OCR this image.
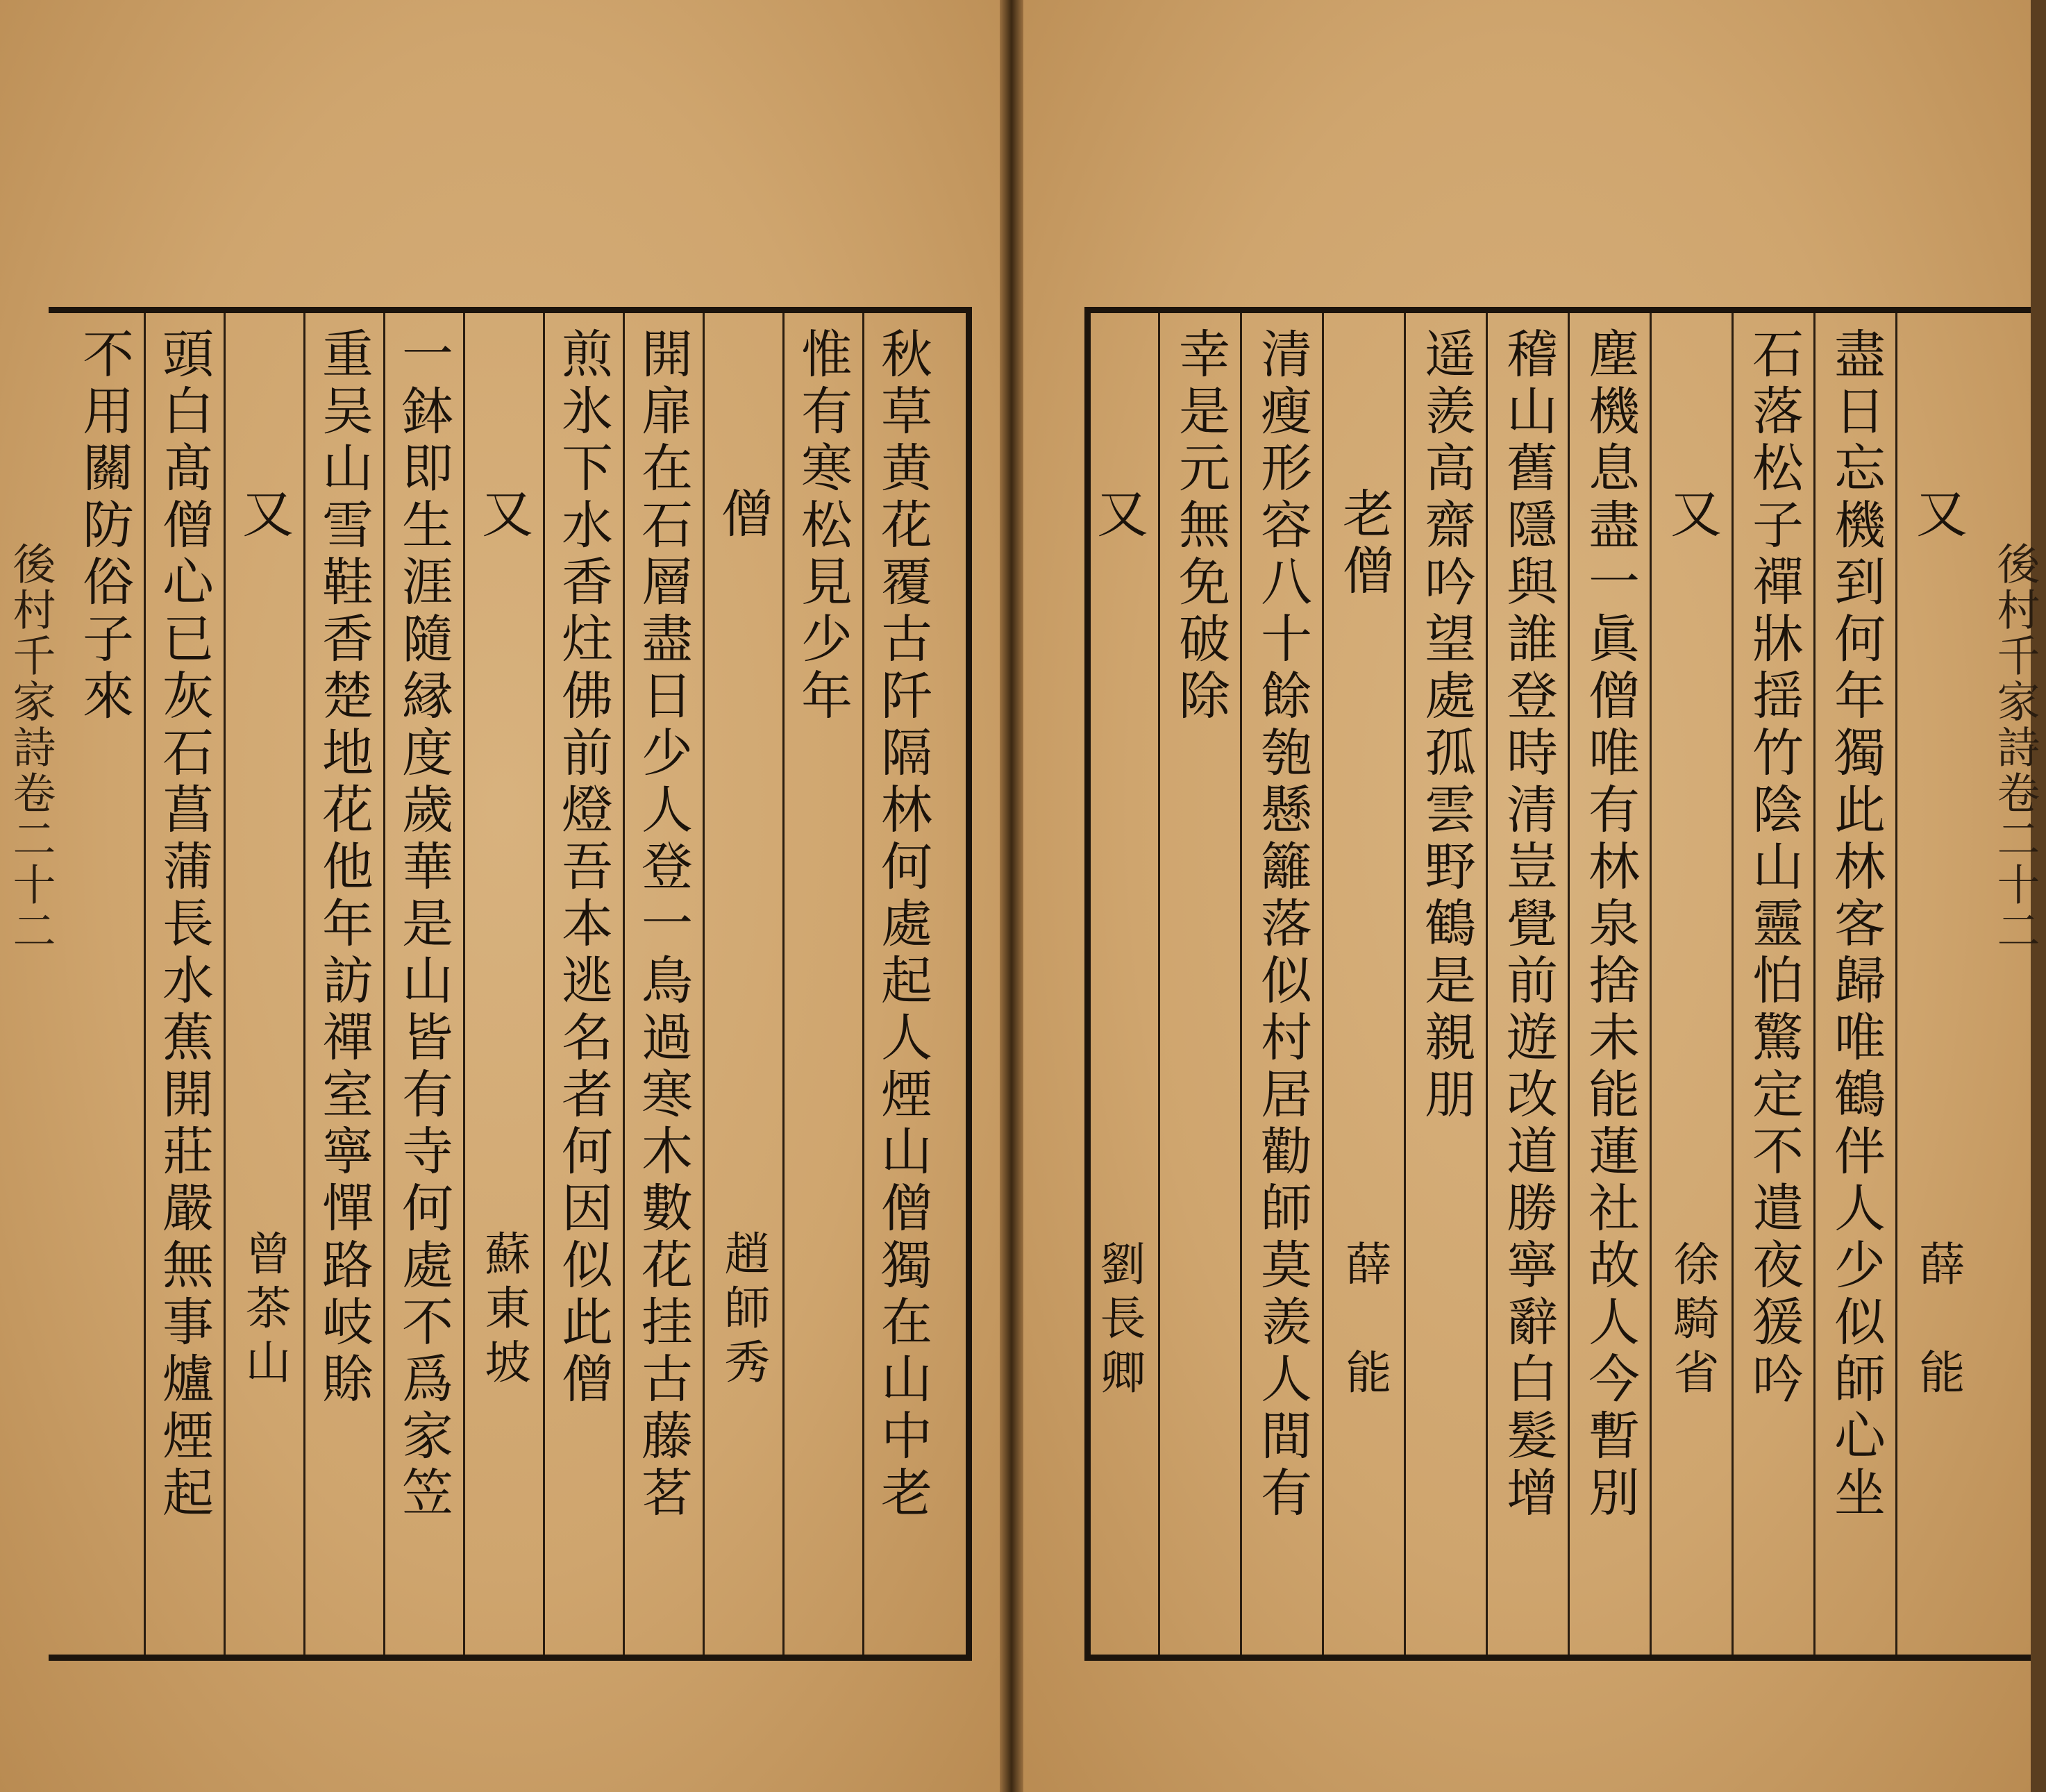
後村千家詩卷二十二	後村千家詩卷二十二
秋草黄花覆古阡隔林何處起人煙山僧獨在山中老
惟有寒松見少年
僧
趙師秀
開扉在石層盡日少人登一鳥過寒木數花挂古藤茗
煎氷下水香炷佛前燈吾本逃名者何因似此僧
又
蘇東坡
一鉢即生涯隨縁度歲華是山皆有寺何處不爲家笠
重吴山雪鞋香楚地花他年訪禪室寧憚路岐賖
又
曾茶山
頭白髙僧心已灰石菖蒲長水蕉開莊嚴無事爐煙起
不用關防俗子來	又
薛　能
盡日忘機到何年獨此林客歸唯鶴伴人少似師心坐
石落松子禪牀揺竹陰山靈怕驚定不遣夜猨吟
又
徐騎省
塵機息盡一眞僧唯有林泉捨未能蓮社故人今暫別
稽山舊隱與誰登時清豈覺前遊改道勝寧辭白髮增
遥羨高齋吟望處孤雲野鶴是親朋
老僧
薛　能
清瘦形容八十餘匏懸籬落似村居勸師莫羨人間有
幸是元無免破除
又
劉長卿
